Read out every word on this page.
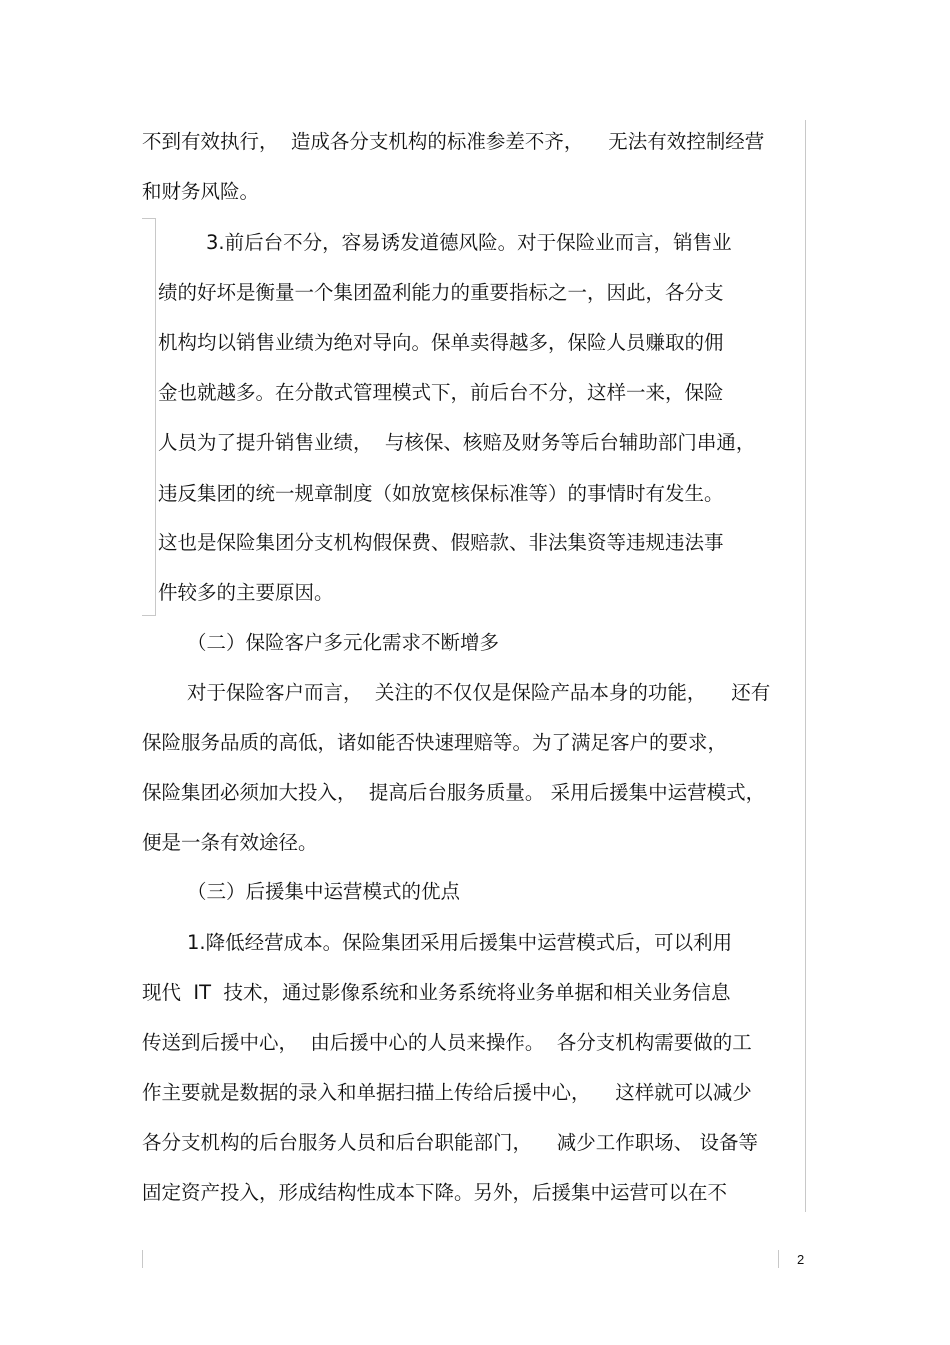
不到有效执行，  造成各分支机构的标准参差不齐，    无法有效控制经营
和财务风险。
3.前后台不分，容易诱发道德风险。对于保险业而言，销售业
绩的好坏是衡量一个集团盈利能力的重要指标之一，因此，各分支
机构均以销售业绩为绝对导向。保单卖得越多，保险人员赚取的佣
金也就越多。在分散式管理模式下，前后台不分，这样一来，保险
人员为了提升销售业绩，  与核保、核赔及财务等后台辅助部门串通，
违反集团的统一规章制度（如放宽核保标准等）的事情时有发生。
这也是保险集团分支机构假保费、假赔款、非法集资等违规违法事
件较多的主要原因。
（二）保险客户多元化需求不断增多
对于保险客户而言，  关注的不仅仅是保险产品本身的功能，    还有
保险服务品质的高低，诸如能否快速理赔等。为了满足客户的要求，
保险集团必须加大投入，  提高后台服务质量。 采用后援集中运营模式，
便是一条有效途径。
（三）后援集中运营模式的优点
1.降低经营成本。保险集团采用后援集中运营模式后，可以利用
现代  IT  技术，通过影像系统和业务系统将业务单据和相关业务信息
传送到后援中心，  由后援中心的人员来操作。  各分支机构需要做的工
作主要就是数据的录入和单据扫描上传给后援中心，    这样就可以减少
各分支机构的后台服务人员和后台职能部门，    减少工作职场、 设备等
固定资产投入，形成结构性成本下降。另外，后援集中运营可以在不
2
